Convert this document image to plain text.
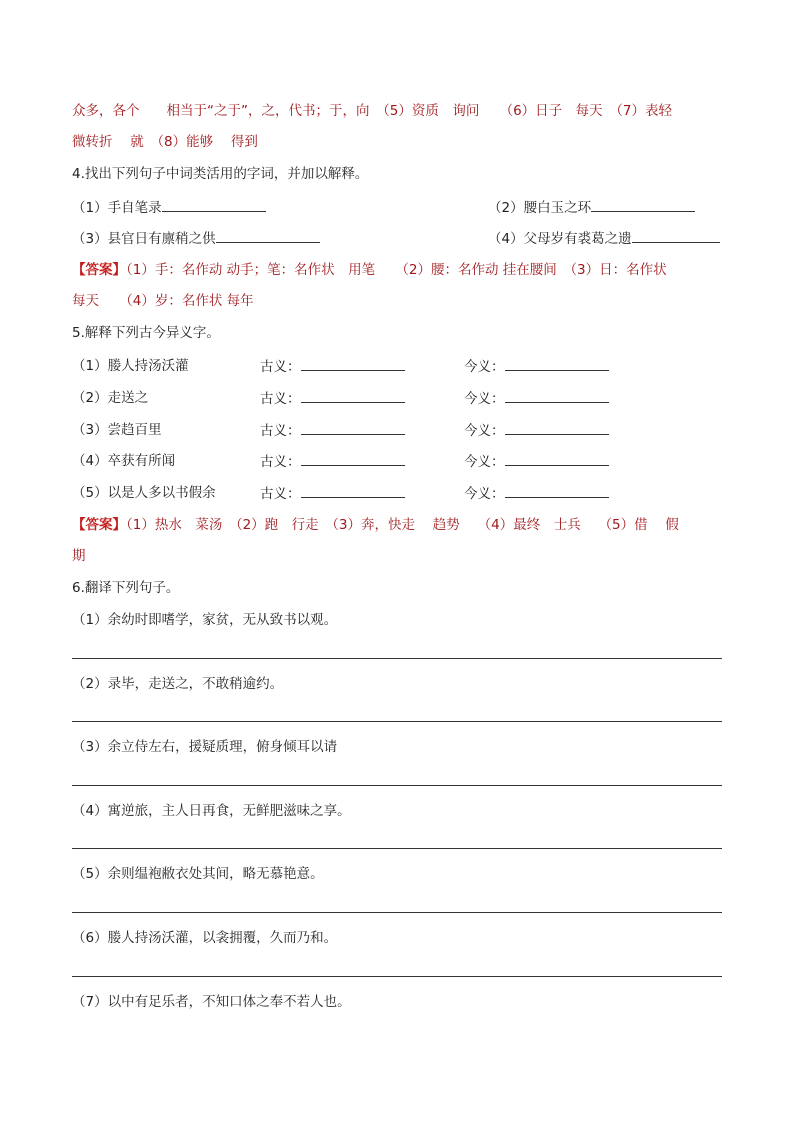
众多，各个　　相当于“之于”，之，代书；于，向　（5）资质　询问　　（6）日子　每天　（7）表轻
微转折　 就　（8）能够　 得到
4.找出下列句子中词类活用的字词，并加以解释。
（1）手自笔录	（2）腰白玉之环
（3）县官日有廪稍之供	（4）父母岁有裘葛之遗
【答案】（1）手：名作动 动手；笔：名作状　用笔　　（2）腰：名作动 挂在腰间　（3）日：名作状
每天　　（4）岁：名作状 每年
5.解释下列古今异义字。
（1）媵人持汤沃灌	古义：	今义：
（2）走送之	古义：	今义：
（3）尝趋百里	古义：	今义：
（4）卒获有所闻	古义：	今义：
（5）以是人多以书假余	古义：	今义：
【答案】（1）热水　菜汤　（2）跑　行走　（3）奔，快走　 趋势　 （4）最终　士兵　 （5）借　 假
期
6.翻译下列句子。
（1）余幼时即嗜学，家贫，无从致书以观。
（2）录毕，走送之，不敢稍逾约。
（3）余立侍左右，援疑质理，俯身倾耳以请
（4）寓逆旅，主人日再食，无鲜肥滋味之享。
（5）余则缊袍敝衣处其间，略无慕艳意。
（6）媵人持汤沃灌，以衾拥覆，久而乃和。
（7）以中有足乐者，不知口体之奉不若人也。
